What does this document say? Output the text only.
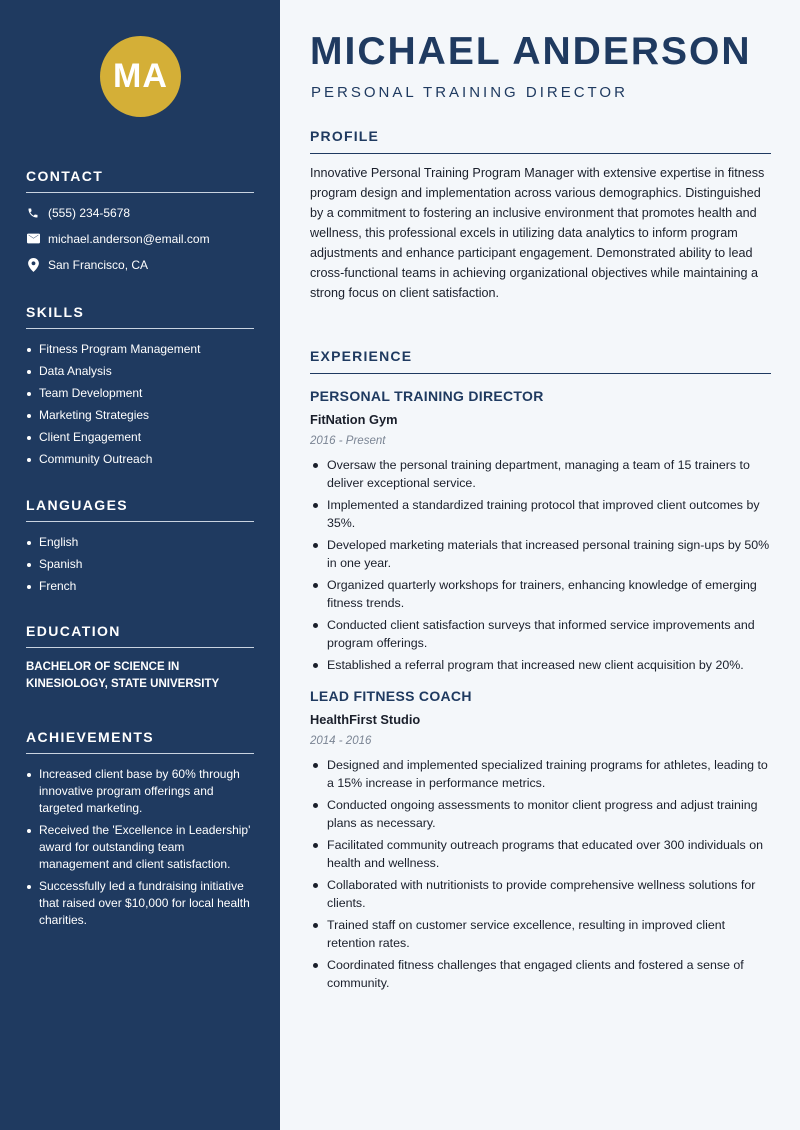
MA
CONTACT
(555) 234-5678
michael.anderson@email.com
San Francisco, CA
SKILLS
Fitness Program Management
Data Analysis
Team Development
Marketing Strategies
Client Engagement
Community Outreach
LANGUAGES
English
Spanish
French
EDUCATION
BACHELOR OF SCIENCE IN
KINESIOLOGY, STATE UNIVERSITY
ACHIEVEMENTS
Increased client base by 60% through innovative program offerings and targeted marketing.
Received the 'Excellence in Leadership' award for outstanding team management and client satisfaction.
Successfully led a fundraising initiative that raised over $10,000 for local health charities.
MICHAEL ANDERSON
PERSONAL TRAINING DIRECTOR
PROFILE

Innovative Personal Training Program Manager with extensive expertise in fitness program design and implementation across various demographics. Distinguished by a commitment to fostering an inclusive environment that promotes health and wellness, this professional excels in utilizing data analytics to inform program adjustments and enhance participant engagement. Demonstrated ability to lead cross-functional teams in achieving organizational objectives while maintaining a strong focus on client satisfaction.

EXPERIENCE
PERSONAL TRAINING DIRECTOR
FitNation Gym
2016 - Present
Oversaw the personal training department, managing a team of 15 trainers to deliver exceptional service.
Implemented a standardized training protocol that improved client outcomes by 35%.
Developed marketing materials that increased personal training sign-ups by 50% in one year.
Organized quarterly workshops for trainers, enhancing knowledge of emerging fitness trends.
Conducted client satisfaction surveys that informed service improvements and program offerings.
Established a referral program that increased new client acquisition by 20%.
LEAD FITNESS COACH
HealthFirst Studio
2014 - 2016
Designed and implemented specialized training programs for athletes, leading to a 15% increase in performance metrics.
Conducted ongoing assessments to monitor client progress and adjust training plans as necessary.
Facilitated community outreach programs that educated over 300 individuals on health and wellness.
Collaborated with nutritionists to provide comprehensive wellness solutions for clients.
Trained staff on customer service excellence, resulting in improved client retention rates.
Coordinated fitness challenges that engaged clients and fostered a sense of community.
